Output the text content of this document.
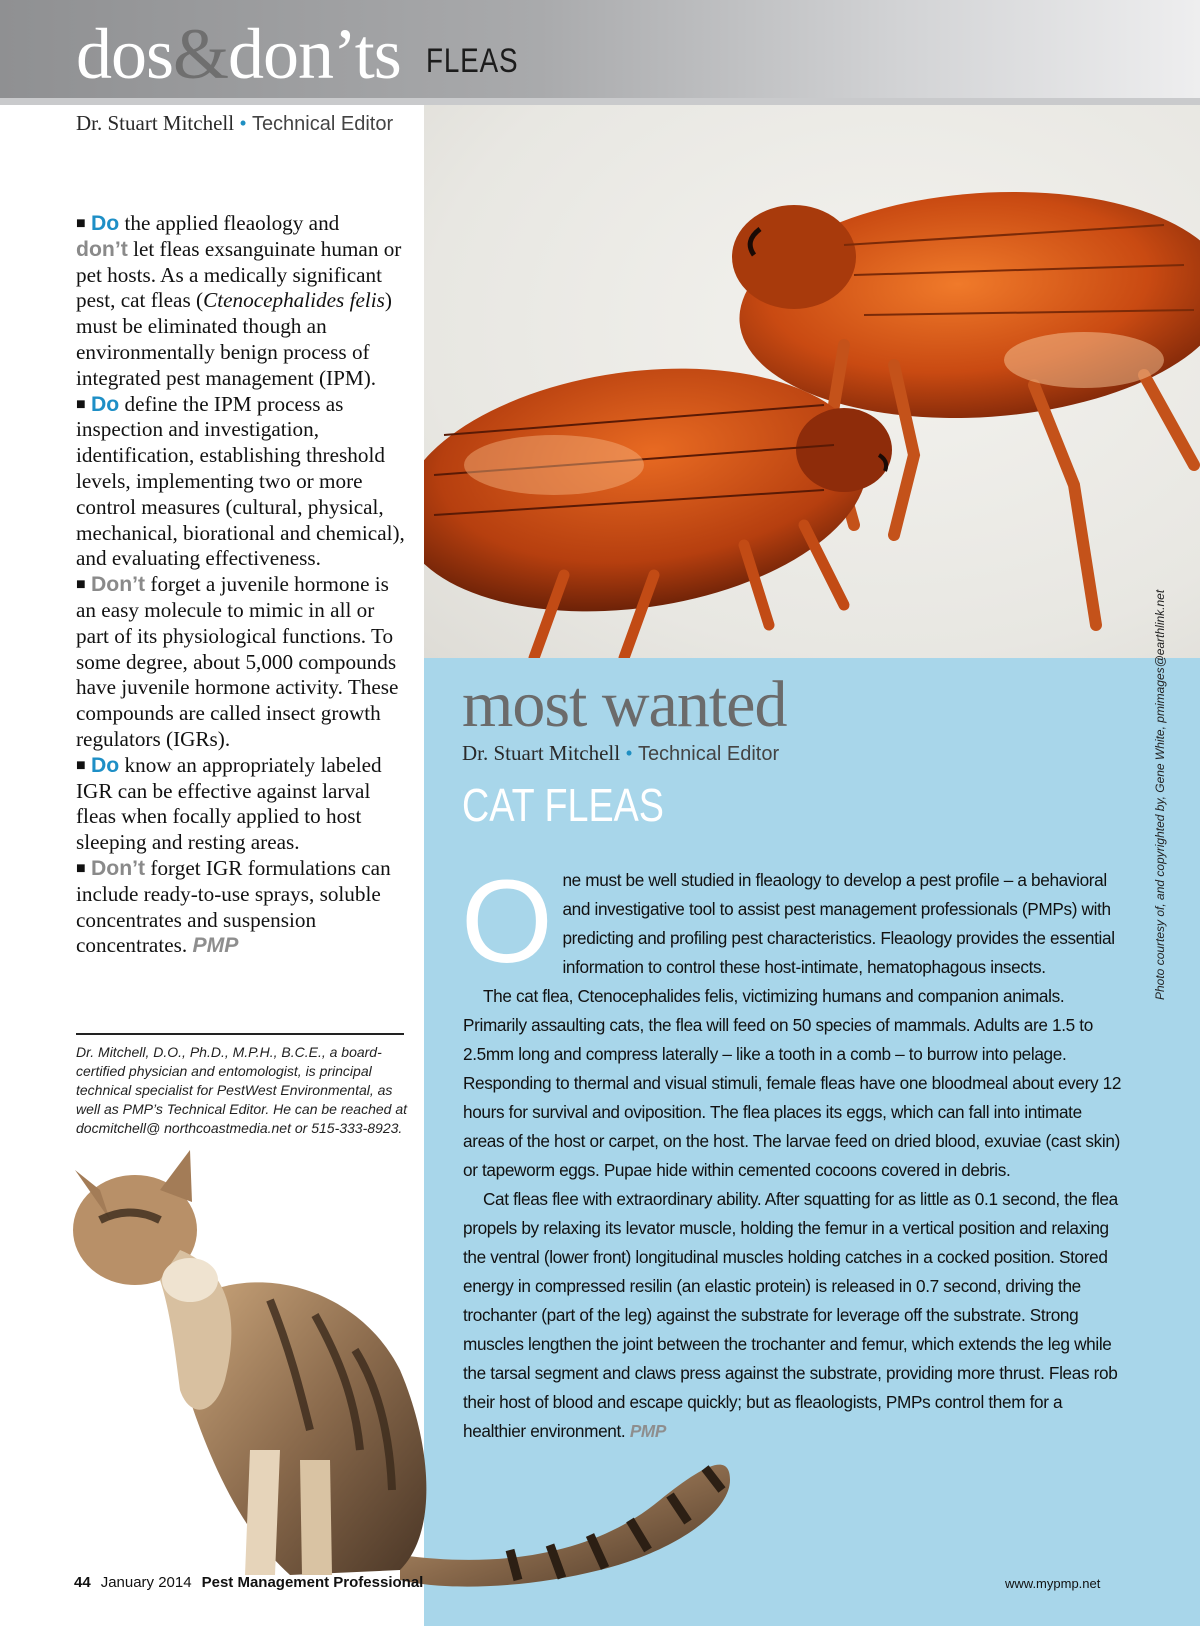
dos&don’ts FLEAS
Dr. Stuart Mitchell • Technical Editor

■ Do the applied fleaology and
don’t let fleas exsanguinate human or pet hosts. As a medically significant pest, cat fleas (Ctenocephalides felis) must be eliminated though an environmentally benign process of integrated pest management (IPM).

■ Do define the IPM process as inspection and investigation, identification, establishing threshold levels, implementing two or more control measures (cultural, physical, mechanical, biorational and chemical), and evaluating effectiveness.

■ Don’t forget a juvenile hormone is an easy molecule to mimic in all or part of its physiological functions. To some degree, about 5,000 compounds have juvenile hormone activity. These compounds are called insect growth regulators (IGRs).

■ Do know an appropriately labeled IGR can be effective against larval fleas when focally applied to host sleeping and resting areas.

■ Don’t forget IGR formulations can include ready-to-use sprays, soluble concentrates and suspension concentrates. PMP

Dr. Mitchell, D.O., Ph.D., M.P.H., B.C.E., a board-certified physician and entomologist, is principal technical specialist for PestWest Environmental, as well as PMP’s Technical Editor. He can be reached at docmitchell@ northcoastmedia.net or 515-333-8923.
most wanted
Dr. Stuart Mitchell • Technical Editor
CAT FLEAS

One must be well studied in fleaology to develop a pest profile – a behavioral and investigative tool to assist pest management professionals (PMPs) with predicting and profiling pest characteristics. Fleaology provides the essential information to control these host-intimate, hematophagous insects.

The cat flea, Ctenocephalides felis, victimizing humans and companion animals. Primarily assaulting cats, the flea will feed on 50 species of mammals. Adults are 1.5 to 2.5mm long and compress laterally – like a tooth in a comb – to burrow into pelage. Responding to thermal and visual stimuli, female fleas have one bloodmeal about every 12 hours for survival and oviposition. The flea places its eggs, which can fall into intimate areas of the host or carpet, on the host. The larvae feed on dried blood, exuviae (cast skin) or tapeworm eggs. Pupae hide within cemented cocoons covered in debris.

Cat fleas flee with extraordinary ability. After squatting for as little as 0.1 second, the flea propels by relaxing its levator muscle, holding the femur in a vertical position and relaxing the ventral (lower front) longitudinal muscles holding catches in a cocked position. Stored energy in compressed resilin (an elastic protein) is released in 0.7 second, driving the trochanter (part of the leg) against the substrate for leverage off the substrate. Strong muscles lengthen the joint between the trochanter and femur, which extends the leg while the tarsal segment and claws press against the substrate, providing more thrust. Fleas rob their host of blood and escape quickly; but as fleaologists, PMPs control them for a healthier environment. PMP

Photo courtesy of, and copyrighted by, Gene White, pmimages@earthlink.net
44 January 2014 Pest Management Professional	www.mypmp.net
